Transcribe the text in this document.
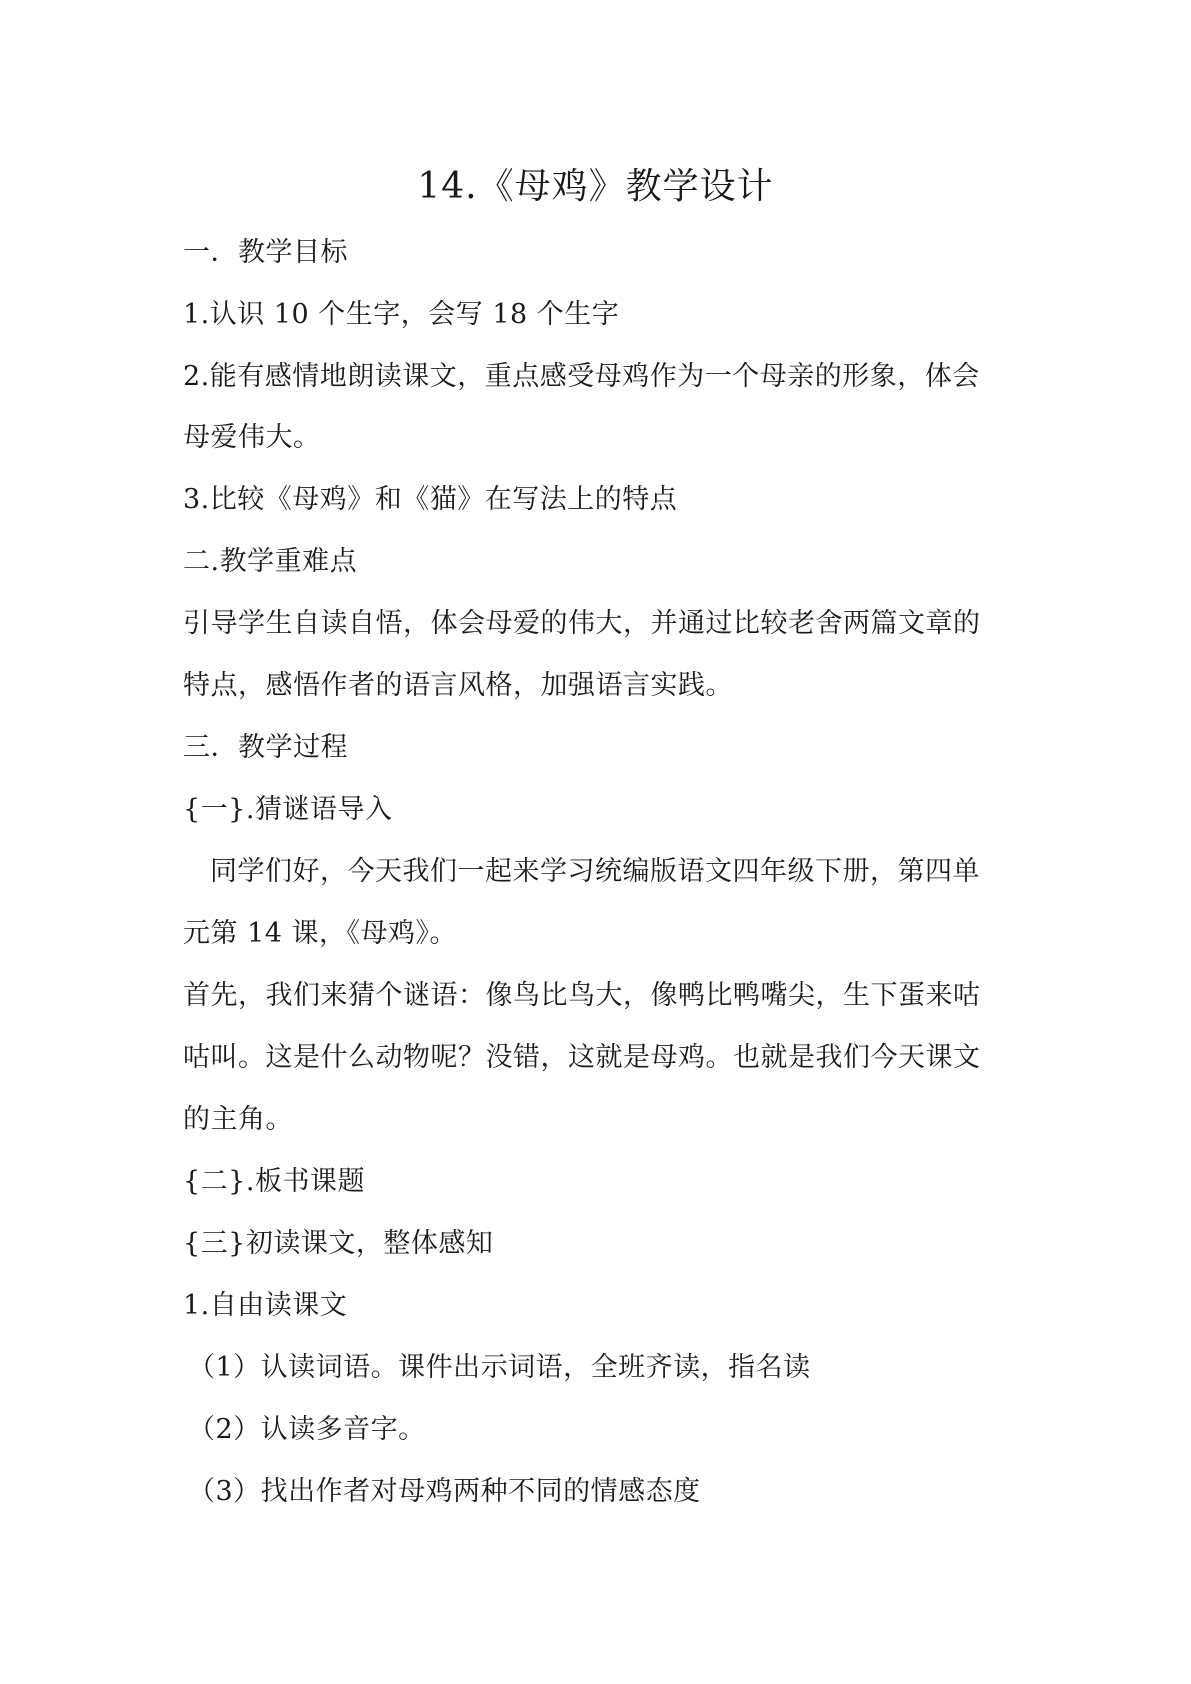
14.《母鸡》教学设计
一．教学目标
1.认识 10 个生字，会写 18 个生字
2.能有感情地朗读课文，重点感受母鸡作为一个母亲的形象，体会
母爱伟大。
3.比较《母鸡》和《猫》在写法上的特点
二.教学重难点
引导学生自读自悟，体会母爱的伟大，并通过比较老舍两篇文章的
特点，感悟作者的语言风格，加强语言实践。
三．教学过程
{一}.猜谜语导入
同学们好，今天我们一起来学习统编版语文四年级下册，第四单
元第 14 课，《母鸡》。
首先，我们来猜个谜语：像鸟比鸟大，像鸭比鸭嘴尖，生下蛋来咕
咕叫。这是什么动物呢？没错，这就是母鸡。也就是我们今天课文
的主角。
{二}.板书课题
{三}初读课文，整体感知
1.自由读课文
（1）认读词语。课件出示词语，全班齐读，指名读
（2）认读多音字。
（3）找出作者对母鸡两种不同的情感态度
